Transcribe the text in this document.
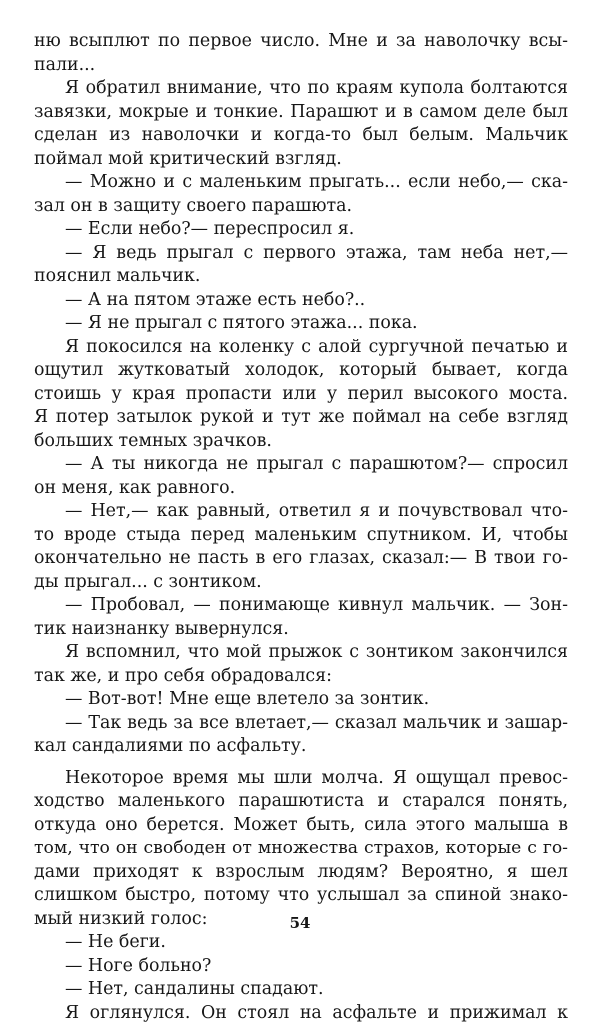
ню всыплют по первое число. Мне и за наволочку всы-
пали...
Я обратил внимание, что по краям купола болтаются
завязки, мокрые и тонкие. Парашют и в самом деле был
сделан из наволочки и когда-то был белым. Мальчик
поймал мой критический взгляд.
— Можно и с маленьким прыгать... если небо,— ска-
зал он в защиту своего парашюта.
— Если небо?— переспросил я.
— Я ведь прыгал с первого этажа, там неба нет,—
пояснил мальчик.
— А на пятом этаже есть небо?..
— Я не прыгал с пятого этажа... пока.
Я покосился на коленку с алой сургучной печатью и
ощутил жутковатый холодок, который бывает, когда
стоишь у края пропасти или у перил высокого моста.
Я потер затылок рукой и тут же поймал на себе взгляд
больших темных зрачков.
— А ты никогда не прыгал с парашютом?— спросил
он меня, как равного.
— Нет,— как равный, ответил я и почувствовал что-
то вроде стыда перед маленьким спутником. И, чтобы
окончательно не пасть в его глазах, сказал:— В твои го-
ды прыгал... с зонтиком.
— Пробовал, — понимающе кивнул мальчик. — Зон-
тик наизнанку вывернулся.
Я вспомнил, что мой прыжок с зонтиком закончился
так же, и про себя обрадовался:
— Вот-вот! Мне еще влетело за зонтик.
— Так ведь за все влетает,— сказал мальчик и зашар-
кал сандалиями по асфальту.
Некоторое время мы шли молча. Я ощущал превос-
ходство маленького парашютиста и старался понять,
откуда оно берется. Может быть, сила этого малыша в
том, что он свободен от множества страхов, которые с го-
дами приходят к взрослым людям? Вероятно, я шел
слишком быстро, потому что услышал за спиной знако-
мый низкий голос:
— Не беги.
— Ноге больно?
— Нет, сандалины спадают.
Я оглянулся. Он стоял на асфальте и прижимал к
54
